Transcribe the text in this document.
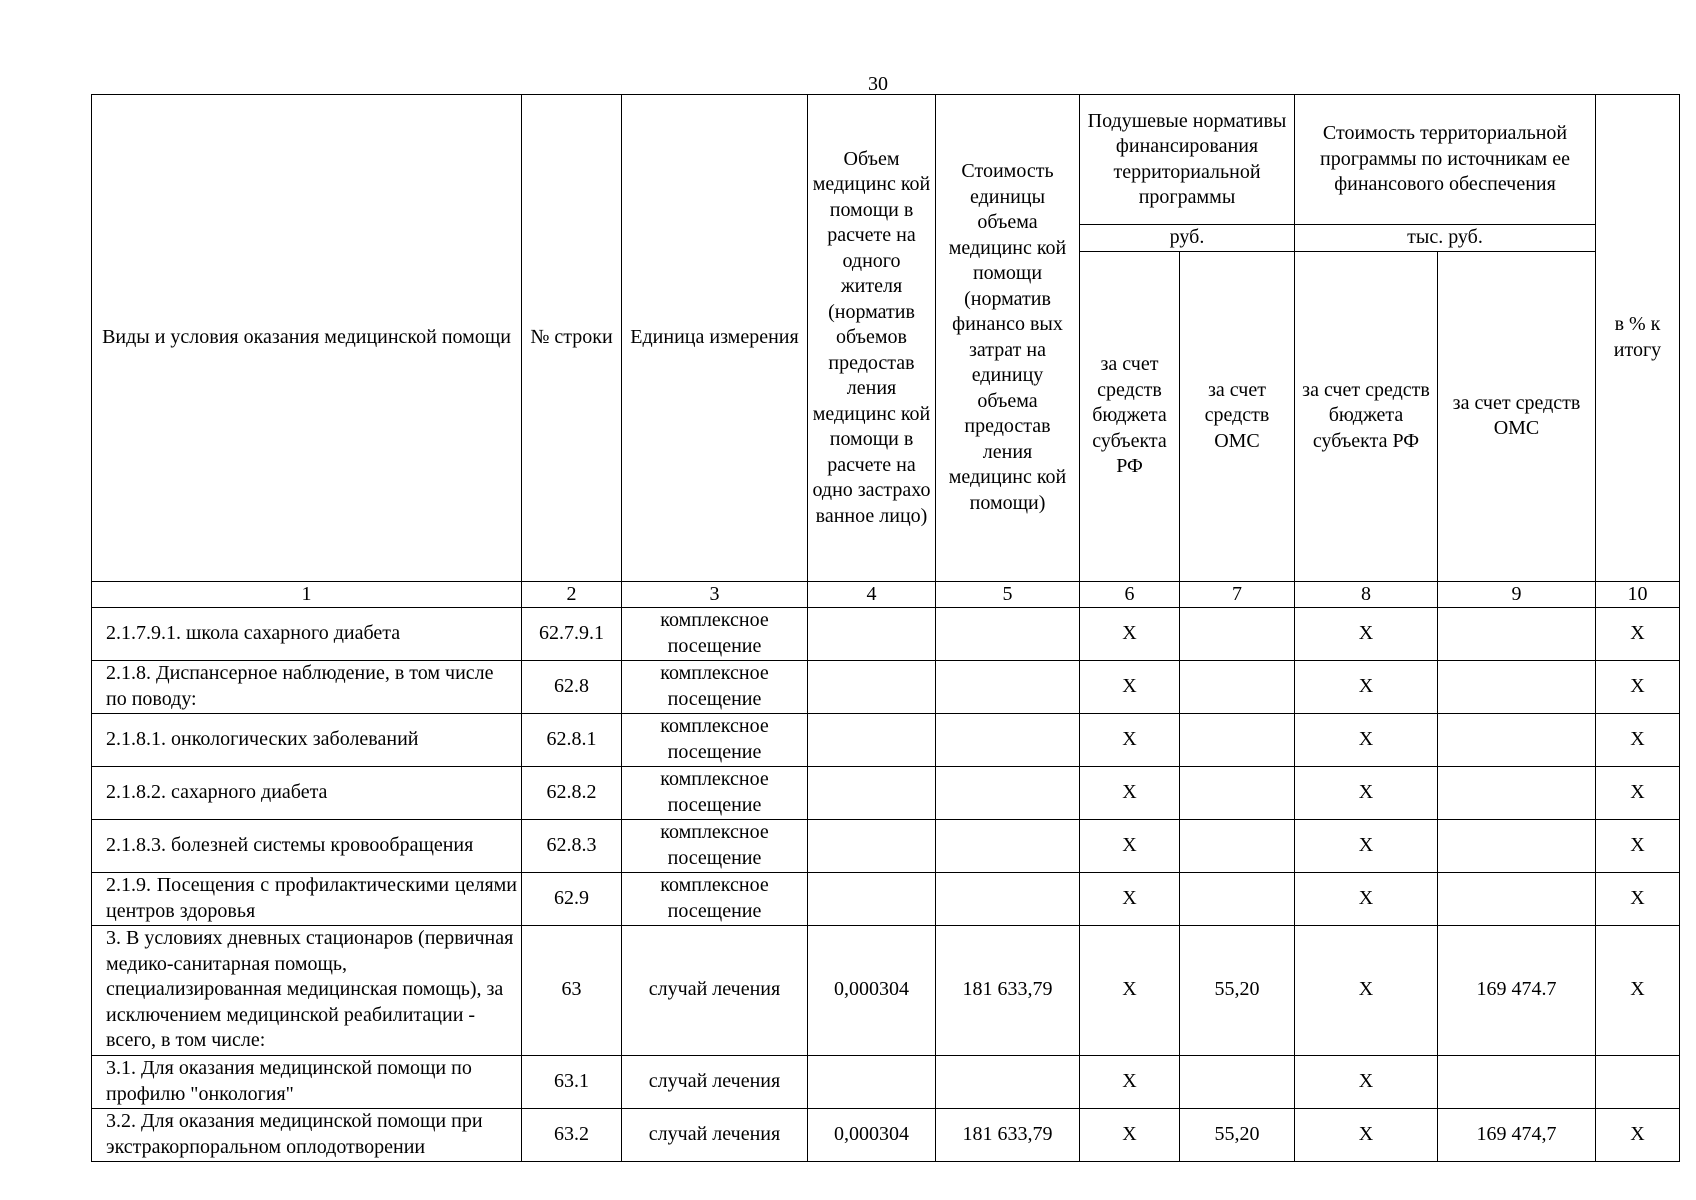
30
Виды и условия оказания медицинской помощи	№ строки	Единица измерения	Объем медицинс кой помощи в расчете на одного жителя (норматив объемов предостав ления медицинс кой помощи в расчете на одно застрахо ванное лицо)	Стоимость единицы объема медицинс кой помощи (норматив финансо вых затрат на единицу объема предостав ления медицинс кой помощи)	Подушевые нормативы финансирования территориальной программы		Стоимость территориальной программы по источникам ее финансового обеспечения		в % к итогу
					руб.		тыс. руб.		
					за счет средств бюджета субъекта РФ	за счет средств ОМС	за счет средств бюджета субъекта РФ	за счет средств ОМС	
1	2	3	4	5	6	7	8	9	10
2.1.7.9.1. школа сахарного диабета	62.7.9.1	комплексное посещение			X		X		X
2.1.8. Диспансерное наблюдение, в том числе по поводу:	62.8	комплексное посещение			X		X		X
2.1.8.1. онкологических заболеваний	62.8.1	комплексное посещение			X		X		X
2.1.8.2. сахарного диабета	62.8.2	комплексное посещение			X		X		X
2.1.8.3. болезней системы кровообращения	62.8.3	комплексное посещение			X		X		X
2.1.9. Посещения с профилактическими целями центров здоровья	62.9	комплексное посещение			X		X		X
3. В условиях дневных стационаров (первичная медико-санитарная помощь, специализированная медицинская помощь), за исключением медицинской реабилитации - всего, в том числе:	63	случай лечения	0,000304	181 633,79	X	55,20	X	169 474.7	X
3.1. Для оказания медицинской помощи по профилю "онкология"	63.1	случай лечения			X		X		
3.2. Для оказания медицинской помощи при экстракорпоральном оплодотворении	63.2	случай лечения	0,000304	181 633,79	X	55,20	X	169 474,7	X
